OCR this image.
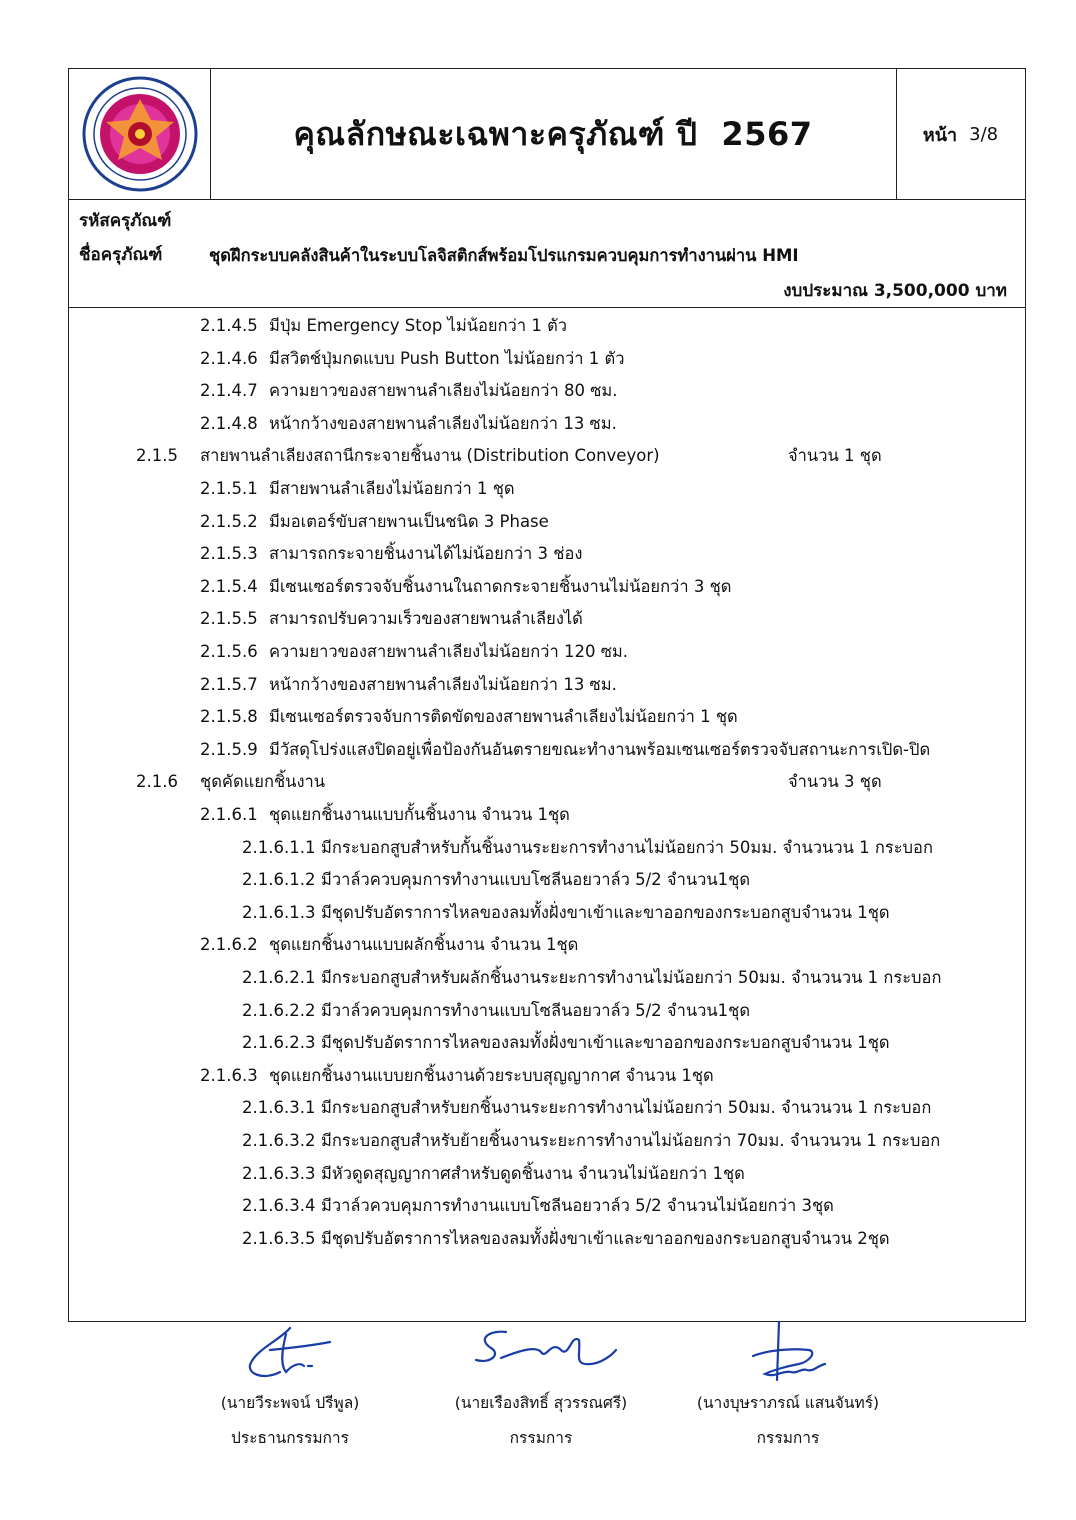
คุณลักษณะเฉพาะครุภัณฑ์ ปี 2567	หน้า 3/8
รหัสครุภัณฑ์
ชื่อครุภัณฑ์	ชุดฝึกระบบคลังสินค้าในระบบโลจิสติกส์พร้อมโปรแกรมควบคุมการทำงานผ่าน HMI
งบประมาณ 3,500,000 บาท
2.1.4.5 มีปุ่ม Emergency Stop ไม่น้อยกว่า 1 ตัว
2.1.4.6 มีสวิตช์ปุ่มกดแบบ Push Button ไม่น้อยกว่า 1 ตัว
2.1.4.7 ความยาวของสายพานลำเลียงไม่น้อยกว่า 80 ซม.
2.1.4.8 หน้ากว้างของสายพานลำเลียงไม่น้อยกว่า 13 ซม.
2.1.5 สายพานลำเลียงสถานีกระจายชิ้นงาน (Distribution Conveyor)	จำนวน 1 ชุด
2.1.5.1 มีสายพานลำเลียงไม่น้อยกว่า 1 ชุด
2.1.5.2 มีมอเตอร์ขับสายพานเป็นชนิด 3 Phase
2.1.5.3 สามารถกระจายชิ้นงานได้ไม่น้อยกว่า 3 ช่อง
2.1.5.4 มีเซนเซอร์ตรวจจับชิ้นงานในถาดกระจายชิ้นงานไม่น้อยกว่า 3 ชุด
2.1.5.5 สามารถปรับความเร็วของสายพานลำเลียงได้
2.1.5.6 ความยาวของสายพานลำเลียงไม่น้อยกว่า 120 ซม.
2.1.5.7 หน้ากว้างของสายพานลำเลียงไม่น้อยกว่า 13 ซม.
2.1.5.8 มีเซนเซอร์ตรวจจับการติดขัดของสายพานลำเลียงไม่น้อยกว่า 1 ชุด
2.1.5.9 มีวัสดุโปร่งแสงปิดอยู่เพื่อป้องกันอันตรายขณะทำงานพร้อมเซนเซอร์ตรวจจับสถานะการเปิด-ปิด
2.1.6 ชุดคัดแยกชิ้นงาน	จำนวน 3 ชุด
2.1.6.1 ชุดแยกชิ้นงานแบบกั้นชิ้นงาน จำนวน 1ชุด
2.1.6.1.1 มีกระบอกสูบสำหรับกั้นชิ้นงานระยะการทำงานไม่น้อยกว่า 50มม. จำนวนวน 1 กระบอก
2.1.6.1.2 มีวาล์วควบคุมการทำงานแบบโซลีนอยวาล์ว 5/2 จำนวน1ชุด
2.1.6.1.3 มีชุดปรับอัตราการไหลของลมทั้งฝั่งขาเข้าและขาออกของกระบอกสูบจำนวน 1ชุด
2.1.6.2 ชุดแยกชิ้นงานแบบผลักชิ้นงาน จำนวน 1ชุด
2.1.6.2.1 มีกระบอกสูบสำหรับผลักชิ้นงานระยะการทำงานไม่น้อยกว่า 50มม. จำนวนวน 1 กระบอก
2.1.6.2.2 มีวาล์วควบคุมการทำงานแบบโซลีนอยวาล์ว 5/2 จำนวน1ชุด
2.1.6.2.3 มีชุดปรับอัตราการไหลของลมทั้งฝั่งขาเข้าและขาออกของกระบอกสูบจำนวน 1ชุด
2.1.6.3 ชุดแยกชิ้นงานแบบยกชิ้นงานด้วยระบบสุญญากาศ จำนวน 1ชุด
2.1.6.3.1 มีกระบอกสูบสำหรับยกชิ้นงานระยะการทำงานไม่น้อยกว่า 50มม. จำนวนวน 1 กระบอก
2.1.6.3.2 มีกระบอกสูบสำหรับย้ายชิ้นงานระยะการทำงานไม่น้อยกว่า 70มม. จำนวนวน 1 กระบอก
2.1.6.3.3 มีหัวดูดสุญญากาศสำหรับดูดชิ้นงาน จำนวนไม่น้อยกว่า 1ชุด
2.1.6.3.4 มีวาล์วควบคุมการทำงานแบบโซลีนอยวาล์ว 5/2 จำนวนไม่น้อยกว่า 3ชุด
2.1.6.3.5 มีชุดปรับอัตราการไหลของลมทั้งฝั่งขาเข้าและขาออกของกระบอกสูบจำนวน 2ชุด
(นายวีระพจน์ ปรีพูล)
ประธานกรรมการ
(นายเรืองสิทธิ์ สุวรรณศรี)
กรรมการ
(นางบุษราภรณ์ แสนจันทร์)
กรรมการ
